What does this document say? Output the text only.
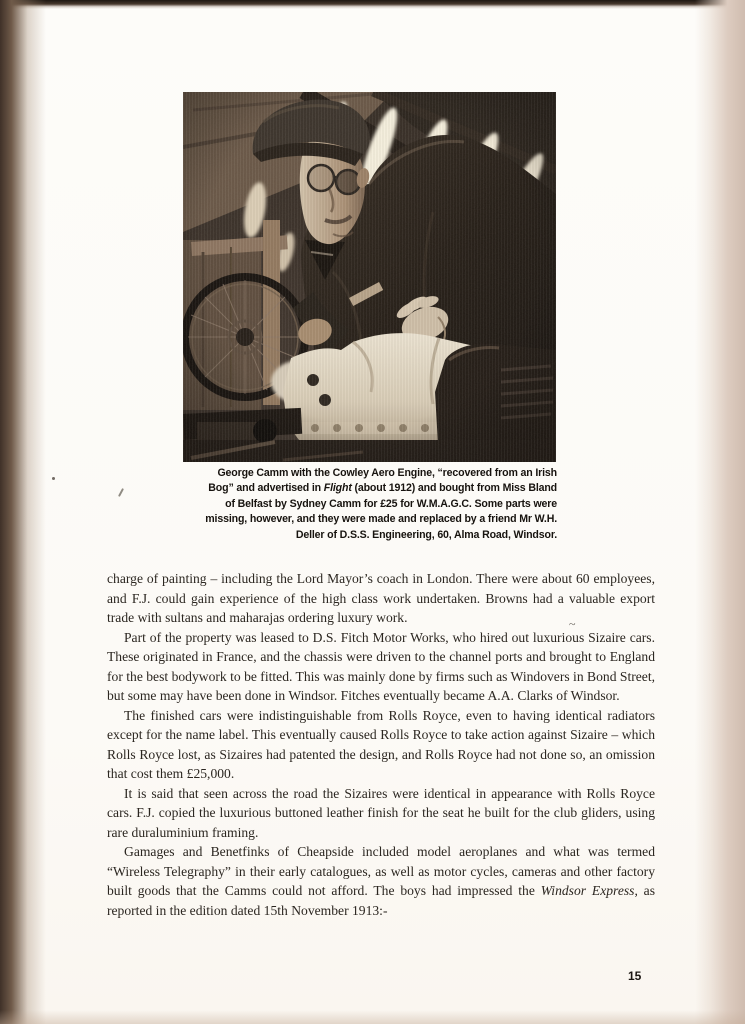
George Camm with the Cowley Aero Engine, “recovered from an Irish
Bog” and advertised in Flight (about 1912) and bought from Miss Bland
of Belfast by Sydney Camm for £25 for W.M.A.G.C. Some parts were
missing, however, and they were made and replaced by a friend Mr W.H.
Deller of D.S.S. Engineering, 60, Alma Road, Windsor.

charge of painting – including the Lord Mayor’s coach in London. There were about 60 employees, and F.J. could gain experience of the high class work undertaken. Browns had a valuable export trade with sultans and maharajas ordering luxury work.

Part of the property was leased to D.S. Fitch Motor Works, who hired out luxurious Sizaire cars. These originated in France, and the chassis were driven to the channel ports and brought to England for the best bodywork to be fitted. This was mainly done by firms such as Windovers in Bond Street, but some may have been done in Windsor. Fitches eventually became A.A. Clarks of Windsor.

The finished cars were indistinguishable from Rolls Royce, even to having identical radiators except for the name label. This eventually caused Rolls Royce to take action against Sizaire – which Rolls Royce lost, as Sizaires had patented the design, and Rolls Royce had not done so, an omission that cost them £25,000.

It is said that seen across the road the Sizaires were identical in appearance with Rolls Royce cars. F.J. copied the luxurious buttoned leather finish for the seat he built for the club gliders, using rare duraluminium framing.

Gamages and Benetfinks of Cheapside included model aeroplanes and what was termed “Wireless Telegraphy” in their early catalogues, as well as motor cycles, cameras and other factory built goods that the Camms could not afford. The boys had impressed the Windsor Express, as reported in the edition dated 15th November 1913:-

15
~
